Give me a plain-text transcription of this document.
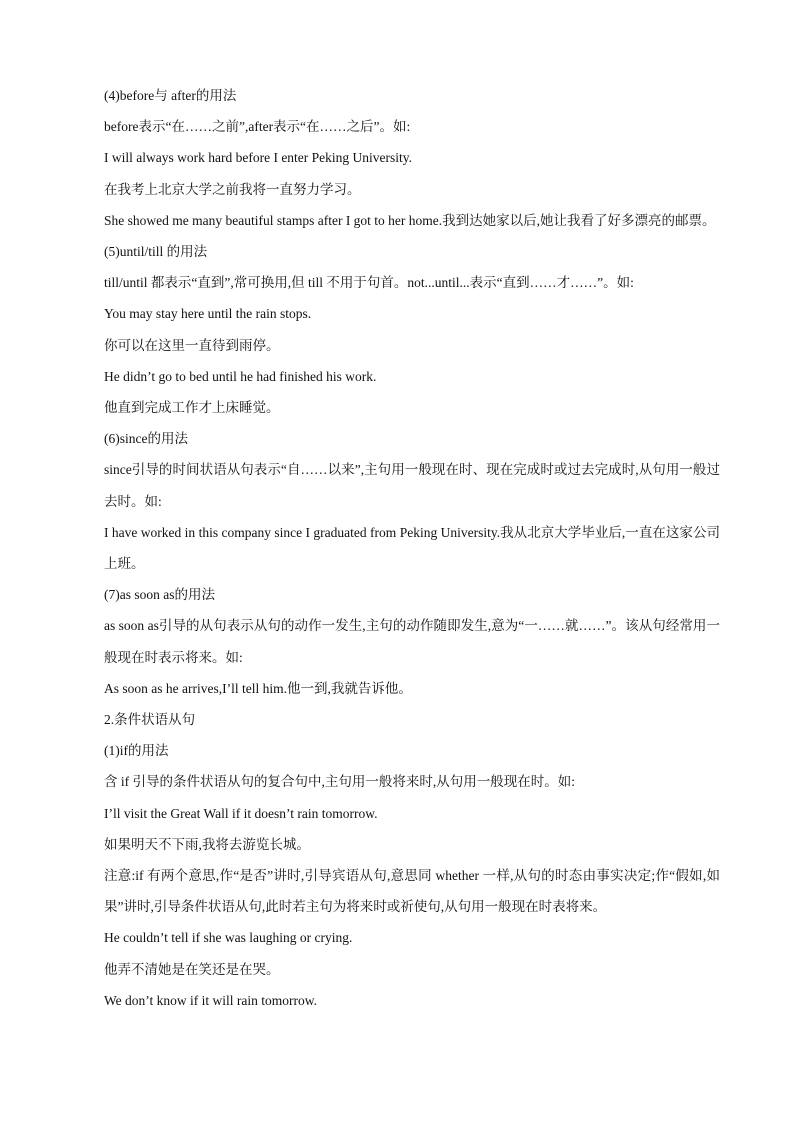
(4)before与 after的用法

before表示“在……之前”,after表示“在……之后”。如:

I will always work hard before I enter Peking University.

在我考上北京大学之前我将一直努力学习。

She showed me many beautiful stamps after I got to her home.我到达她家以后,她让我看了好多漂亮的邮票。

(5)until/till 的用法

till/until 都表示“直到”,常可换用,但 till 不用于句首。not...until...表示“直到……才……”。如:

You may stay here until the rain stops.

你可以在这里一直待到雨停。

He didn’t go to bed until he had finished his work.

他直到完成工作才上床睡觉。

(6)since的用法

since引导的时间状语从句表示“自……以来”,主句用一般现在时、现在完成时或过去完成时,从句用一般过去时。如:

I have worked in this company since I graduated from Peking University.我从北京大学毕业后,一直在这家公司上班。

(7)as soon as的用法

as soon as引导的从句表示从句的动作一发生,主句的动作随即发生,意为“一……就……”。该从句经常用一般现在时表示将来。如:

As soon as he arrives,I’ll tell him.他一到,我就告诉他。

2.条件状语从句

(1)if的用法

含 if 引导的条件状语从句的复合句中,主句用一般将来时,从句用一般现在时。如:

I’ll visit the Great Wall if it doesn’t rain tomorrow.

如果明天不下雨,我将去游览长城。

注意:if 有两个意思,作“是否”讲时,引导宾语从句,意思同 whether 一样,从句的时态由事实决定;作“假如,如果”讲时,引导条件状语从句,此时若主句为将来时或祈使句,从句用一般现在时表将来。

He couldn’t tell if she was laughing or crying.

他弄不清她是在笑还是在哭。

We don’t know if it will rain tomorrow.
